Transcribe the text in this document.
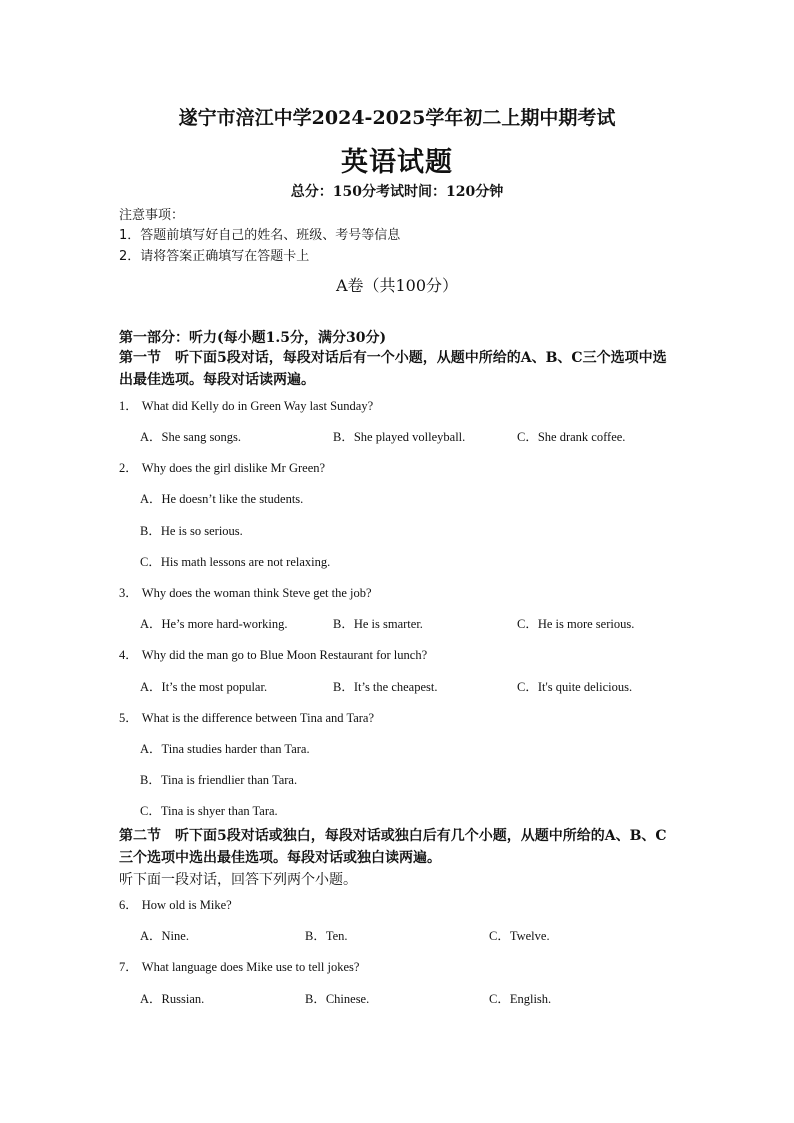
遂宁市涪江中学2024-2025学年初二上期中期考试
英语试题
总分：150分考试时间：120分钟
注意事项：
1．答题前填写好自己的姓名、班级、考号等信息
2．请将答案正确填写在答题卡上
A卷（共100分）
第一部分：听力(每小题1.5分，满分30分)
第一节　听下面5段对话，每段对话后有一个小题，从题中所给的A、B、C三个选项中选出最佳选项。每段对话读两遍。
1． What did Kelly do in Green Way last Sunday?
A．She sang songs.	B．She played volleyball.	C．She drank coffee.
2． Why does the girl dislike Mr Green?
A．He doesn’t like the students.
B．He is so serious.
C．His math lessons are not relaxing.
3． Why does the woman think Steve get the job?
A．He’s more hard-working.	B．He is smarter.	C．He is more serious.
4． Why did the man go to Blue Moon Restaurant for lunch?
A．It’s the most popular.	B．It’s the cheapest.	C．It's quite delicious.
5． What is the difference between Tina and Tara?
A．Tina studies harder than Tara.
B．Tina is friendlier than Tara.
C．Tina is shyer than Tara.
第二节　听下面5段对话或独白，每段对话或独白后有几个小题，从题中所给的A、B、C三个选项中选出最佳选项。每段对话或独白读两遍。
听下面一段对话，回答下列两个小题。
6． How old is Mike?
A．Nine.	B．Ten.	C．Twelve.
7． What language does Mike use to tell jokes?
A．Russian.	B．Chinese.	C．English.
